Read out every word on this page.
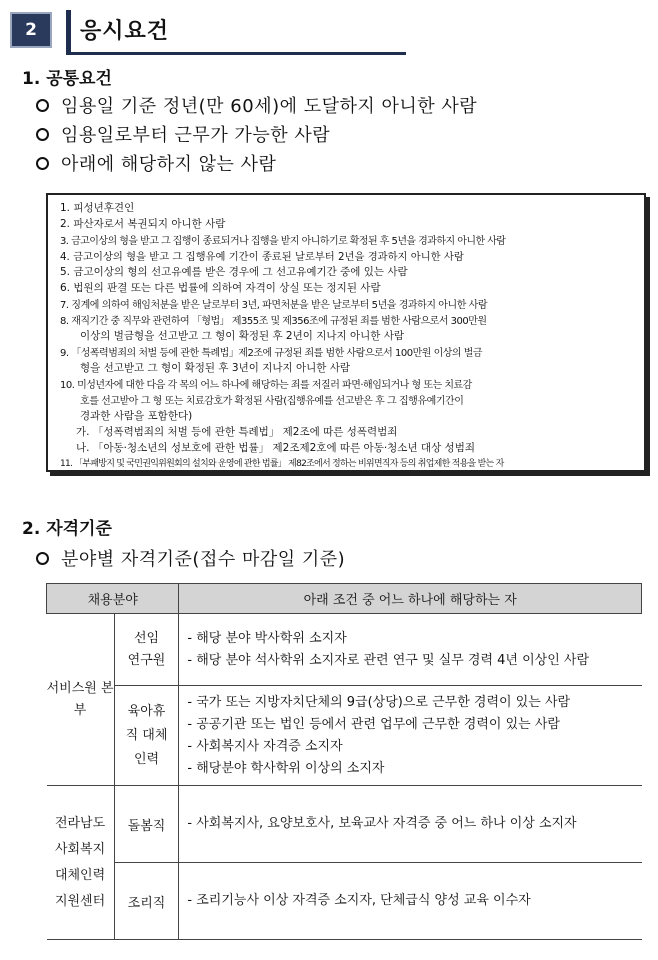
2	응시요건
1. 공통요건
임용일 기준 정년(만 60세)에 도달하지 아니한 사람
임용일로부터 근무가 가능한 사람
아래에 해당하지 않는 사람
1. 피성년후견인
2. 파산자로서 복권되지 아니한 사람
3. 금고이상의 형을 받고 그 집행이 종료되거나 집행을 받지 아니하기로 확정된 후 5년을 경과하지 아니한 사람
4. 금고이상의 형을 받고 그 집행유예 기간이 종료된 날로부터 2년을 경과하지 아니한 사람
5. 금고이상의 형의 선고유예를 받은 경우에 그 선고유예기간 중에 있는 사람
6. 법원의 판결 또는 다른 법률에 의하여 자격이 상실 또는 정지된 사람
7. 징계에 의하여 해임처분을 받은 날로부터 3년, 파면처분을 받은 날로부터 5년을 경과하지 아니한 사람
8. 재직기간 중 직무와 관련하여 「형법」 제355조 및 제356조에 규정된 죄를 범한 사람으로서 300만원
이상의 벌금형을 선고받고 그 형이 확정된 후 2년이 지나지 아니한 사람
9. 「성폭력범죄의 처벌 등에 관한 특례법」제2조에 규정된 죄를 범한 사람으로서 100만원 이상의 벌금
형을 선고받고 그 형이 확정된 후 3년이 지나지 아니한 사람
10. 미성년자에 대한 다음 각 목의 어느 하나에 해당하는 죄를 저질러 파면·해임되거나 형 또는 치료감
호를 선고받아 그 형 또는 치료감호가 확정된 사람(집행유예를 선고받은 후 그 집행유예기간이
경과한 사람을 포함한다)
가. 「성폭력범죄의 처벌 등에 관한 특례법」 제2조에 따른 성폭력범죄
나. 「아동·청소년의 성보호에 관한 법률」 제2조제2호에 따른 아동·청소년 대상 성범죄
11. 「부패방지 및 국민권익위원회의 설치와 운영에 관한 법률」 제82조에서 정하는 비위면직자 등의 취업제한 적용을 받는 자
2. 자격기준
분야별 자격기준(접수 마감일 기준)
채용분야		아래 조건 중 어느 하나에 해당하는 자
서비스원 본부	선임 연구원	- 해당 분야 박사학위 소지자
- 해당 분야 석사학위 소지자로 관련 연구 및 실무 경력 4년 이상인 사람

	육아휴직 대체인력	- 국가 또는 지방자치단체의 9급(상당)으로 근무한 경력이 있는 사람
- 공공기관 또는 법인 등에서 관련 업무에 근무한 경력이 있는 사람
- 사회복지사 자격증 소지자
- 해당분야 학사학위 이상의 소지자

전라남도 사회복지 대체인력 지원센터	돌봄직	- 사회복지사, 요양보호사, 보육교사 자격증 중 어느 하나 이상 소지자

	조리직	- 조리기능사 이상 자격증 소지자, 단체급식 양성 교육 이수자
